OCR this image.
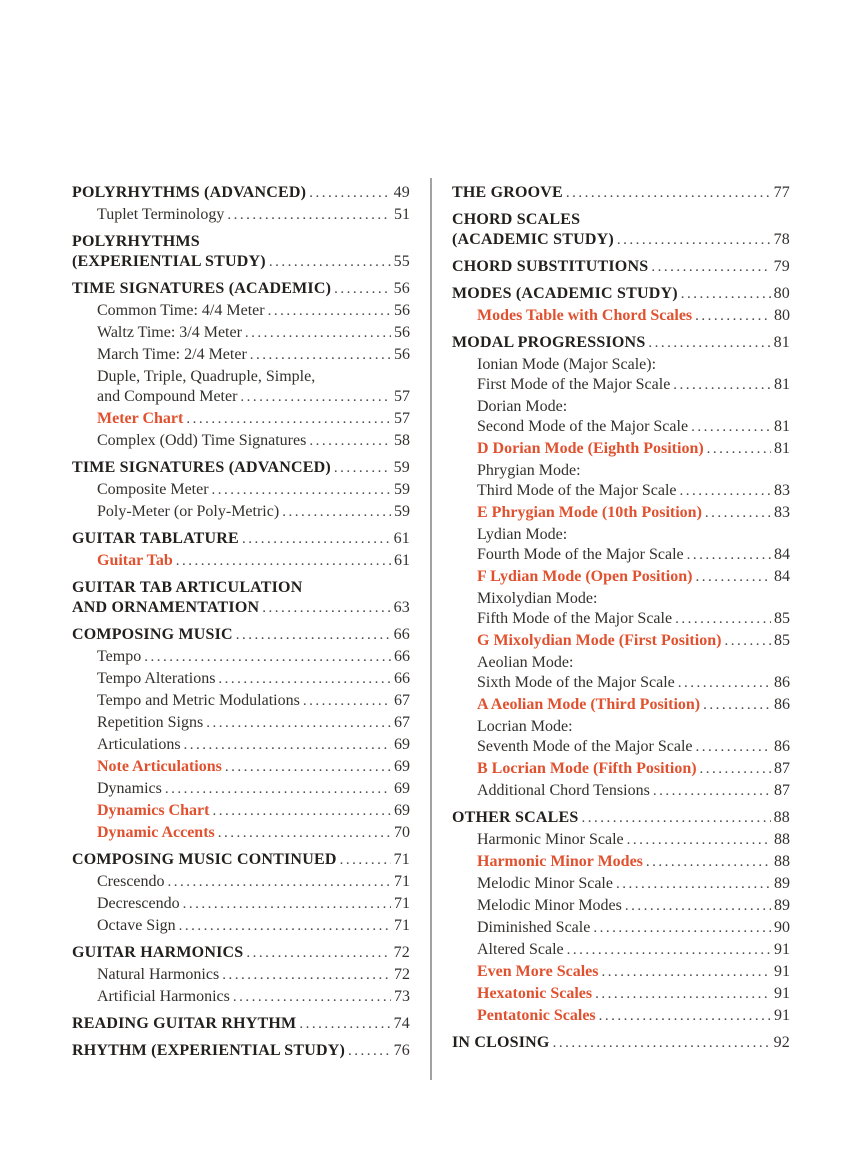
POLYRHYTHMS (ADVANCED) .....	49
Tuplet Terminology .....	51
POLYRHYTHMS
(EXPERIENTIAL STUDY) .....	55
TIME SIGNATURES (ACADEMIC) .....	56
Common Time: 4/4 Meter .....	56
Waltz Time: 3/4 Meter .....	56
March Time: 2/4 Meter .....	56
Duple, Triple, Quadruple, Simple,
and Compound Meter .....	57
Meter Chart .....	57
Complex (Odd) Time Signatures .....	58
TIME SIGNATURES (ADVANCED) .....	59
Composite Meter .....	59
Poly-Meter (or Poly-Metric) .....	59
GUITAR TABLATURE .....	61
Guitar Tab .....	61
GUITAR TAB ARTICULATION
AND ORNAMENTATION .....	63
COMPOSING MUSIC .....	66
Tempo .....	66
Tempo Alterations .....	66
Tempo and Metric Modulations .....	67
Repetition Signs .....	67
Articulations .....	69
Note Articulations .....	69
Dynamics .....	69
Dynamics Chart .....	69
Dynamic Accents .....	70
COMPOSING MUSIC CONTINUED .....	71
Crescendo .....	71
Decrescendo .....	71
Octave Sign .....	71
GUITAR HARMONICS .....	72
Natural Harmonics .....	72
Artificial Harmonics .....	73
READING GUITAR RHYTHM .....	74
RHYTHM (EXPERIENTIAL STUDY) .....	76
THE GROOVE .....	77
CHORD SCALES
(ACADEMIC STUDY) .....	78
CHORD SUBSTITUTIONS .....	79
MODES (ACADEMIC STUDY) .....	80
Modes Table with Chord Scales .....	80
MODAL PROGRESSIONS .....	81
Ionian Mode (Major Scale):
First Mode of the Major Scale .....	81
Dorian Mode:
Second Mode of the Major Scale .....	81
D Dorian Mode (Eighth Position) .....	81
Phrygian Mode:
Third Mode of the Major Scale .....	83
E Phrygian Mode (10th Position) .....	83
Lydian Mode:
Fourth Mode of the Major Scale .....	84
F Lydian Mode (Open Position) .....	84
Mixolydian Mode:
Fifth Mode of the Major Scale .....	85
G Mixolydian Mode (First Position) .....	85
Aeolian Mode:
Sixth Mode of the Major Scale .....	86
A Aeolian Mode (Third Position) .....	86
Locrian Mode:
Seventh Mode of the Major Scale .....	86
B Locrian Mode (Fifth Position) .....	87
Additional Chord Tensions .....	87
OTHER SCALES .....	88
Harmonic Minor Scale .....	88
Harmonic Minor Modes .....	88
Melodic Minor Scale .....	89
Melodic Minor Modes .....	89
Diminished Scale .....	90
Altered Scale .....	91
Even More Scales .....	91
Hexatonic Scales .....	91
Pentatonic Scales .....	91
IN CLOSING .....	92
